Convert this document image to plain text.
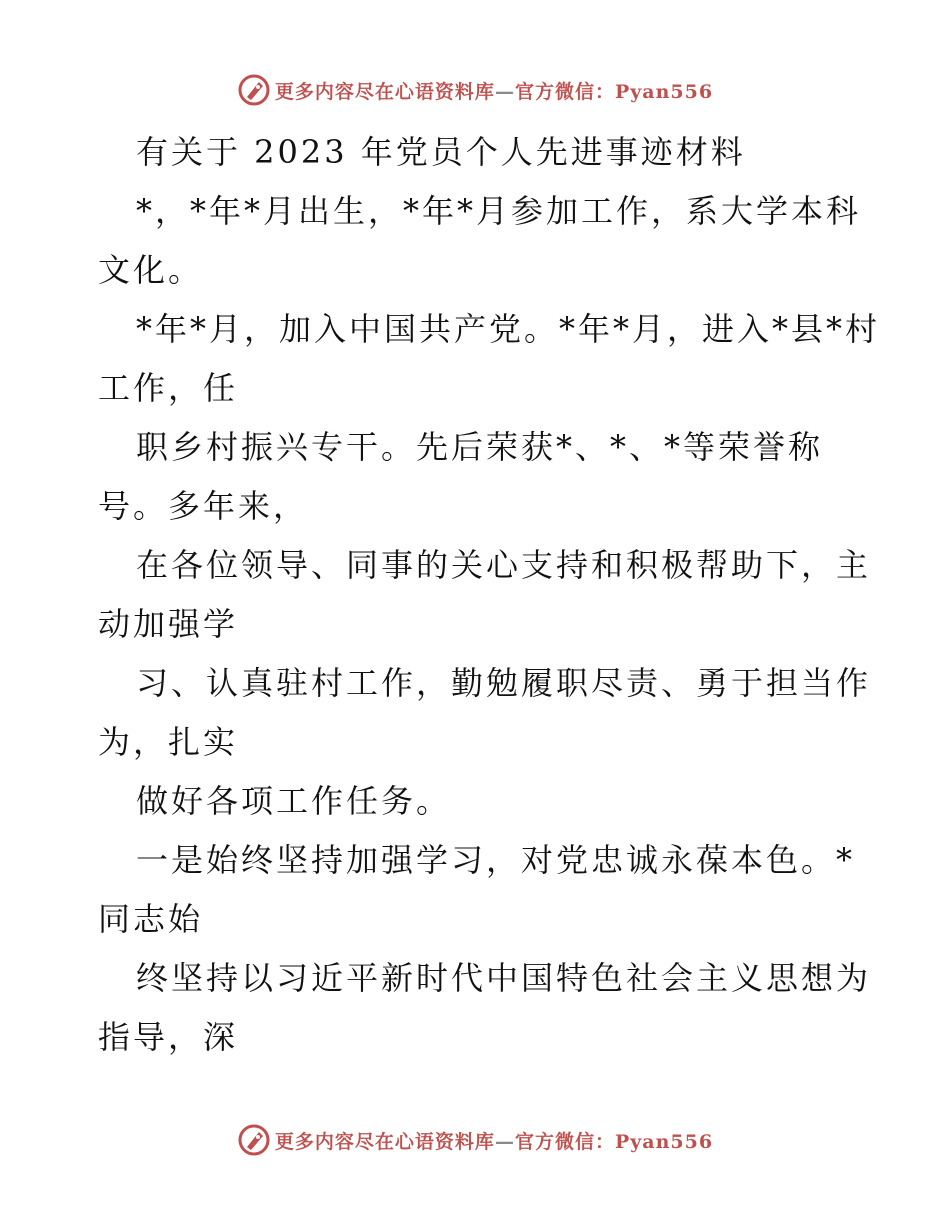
更多内容尽在心语资料库—官方微信：Pyan556
有关于 2023 年党员个人先进事迹材料
*，*年*月出生，*年*月参加工作，系大学本科
文化。
*年*月，加入中国共产党。*年*月，进入*县*村
工作，任
职乡村振兴专干。先后荣获*、*、*等荣誉称
号。多年来，
在各位领导、同事的关心支持和积极帮助下，主
动加强学
习、认真驻村工作，勤勉履职尽责、勇于担当作
为，扎实
做好各项工作任务。
一是始终坚持加强学习，对党忠诚永葆本色。*
同志始
终坚持以习近平新时代中国特色社会主义思想为
指导，深
更多内容尽在心语资料库—官方微信：Pyan556
